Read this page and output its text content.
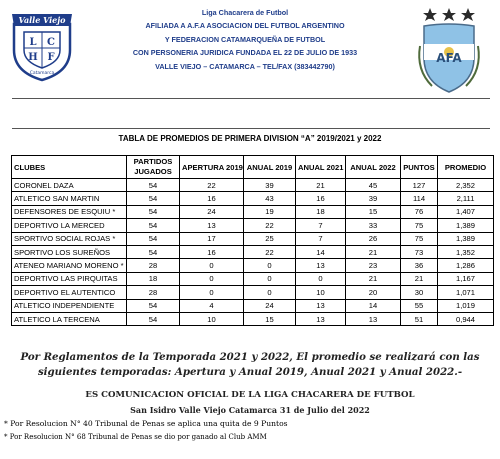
L C
H F
Valle Viejo
Catamarca
Liga Chacarera de Futbol
AFILIADA A A.F.A ASOCIACION DEL FUTBOL ARGENTINO
Y FEDERACION CATAMARQUEÑA DE FUTBOL
CON PERSONERIA JURIDICA FUNDADA EL 22 DE JULIO DE 1933
VALLE VIEJO – CATAMARCA – TEL/FAX (383442790)
AFA
TABLA DE PROMEDIOS DE PRIMERA DIVISION “A” 2019/2021 y 2022
CLUBES	PARTIDOS JUGADOS	APERTURA 2019	ANUAL 2019	ANUAL 2021	ANUAL 2022	PUNTOS	PROMEDIO
CORONEL DAZA	54	22	39	21	45	127	2,352
ATLETICO SAN MARTIN	54	16	43	16	39	114	2,111
DEFENSORES DE ESQUIU *	54	24	19	18	15	76	1,407
DEPORTIVO LA MERCED	54	13	22	7	33	75	1,389
SPORTIVO SOCIAL ROJAS *	54	17	25	7	26	75	1,389
SPORTIVO LOS SUREÑOS	54	16	22	14	21	73	1,352
ATENEO MARIANO MORENO *	28	0	0	13	23	36	1,286
DEPORTIVO LAS PIRQUITAS	18	0	0	0	21	21	1,167
DEPORTIVO EL AUTENTICO	28	0	0	10	20	30	1,071
ATLETICO INDEPENDIENTE	54	4	24	13	14	55	1,019
ATLETICO LA TERCENA	54	10	15	13	13	51	0,944
Por Reglamentos de la Temporada 2021 y 2022, El promedio se realizará con las siguientes temporadas: Apertura y Anual 2019, Anual 2021 y Anual 2022.-
ES COMUNICACION OFICIAL DE LA LIGA CHACARERA DE FUTBOL
San Isidro Valle Viejo Catamarca 31 de Julio del 2022
* Por Resolucion N° 40 Tribunal de Penas se aplica una quita de 9 Puntos
* Por Resolucion N° 68 Tribunal de Penas se dio por ganado al Club AMM
